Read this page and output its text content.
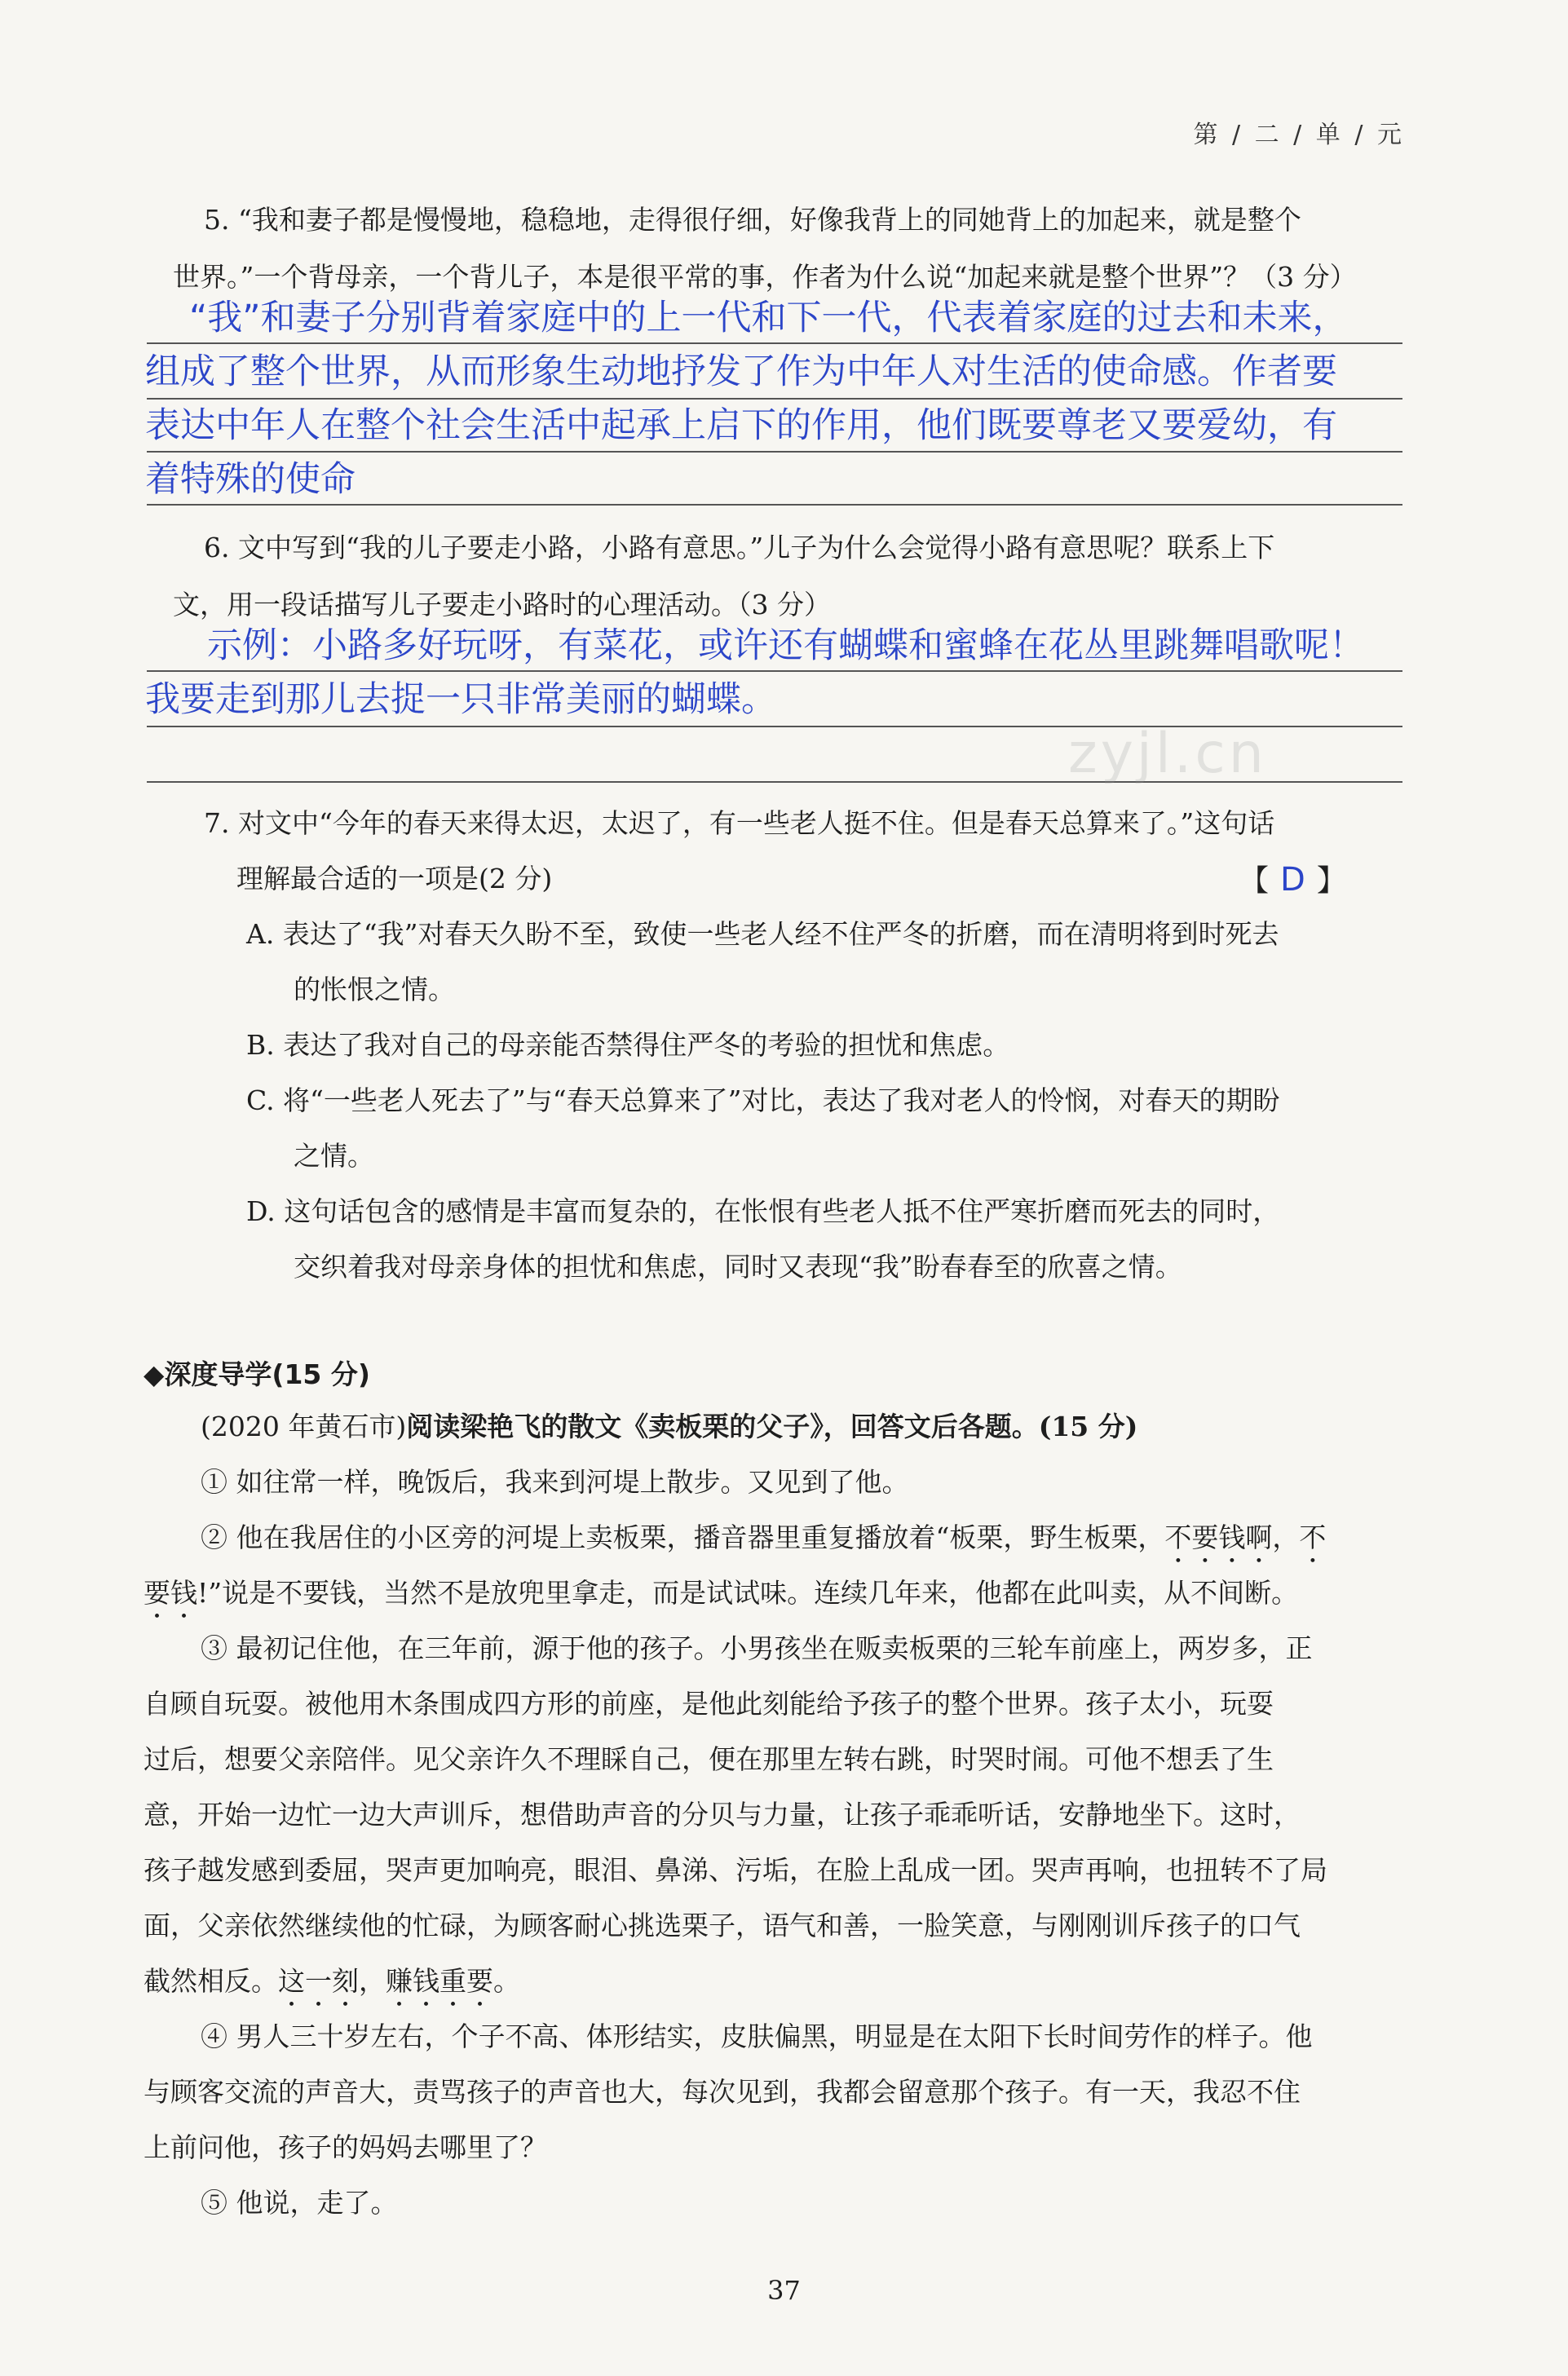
第 / 二 / 单 / 元
5. “我和妻子都是慢慢地，稳稳地，走得很仔细，好像我背上的同她背上的加起来，就是整个
世界。”一个背母亲，一个背儿子，本是很平常的事，作者为什么说“加起来就是整个世界”？（3 分）
“我”和妻子分别背着家庭中的上一代和下一代，代表着家庭的过去和未来，
组成了整个世界，从而形象生动地抒发了作为中年人对生活的使命感。作者要
表达中年人在整个社会生活中起承上启下的作用，他们既要尊老又要爱幼，有
着特殊的使命
6. 文中写到“我的儿子要走小路，小路有意思。”儿子为什么会觉得小路有意思呢？联系上下
文，用一段话描写儿子要走小路时的心理活动。（3 分）
示例：小路多好玩呀，有菜花，或许还有蝴蝶和蜜蜂在花丛里跳舞唱歌呢！
我要走到那儿去捉一只非常美丽的蝴蝶。
zyjl.cn
7. 对文中“今年的春天来得太迟，太迟了，有一些老人挺不住。但是春天总算来了。”这句话
理解最合适的一项是(2 分)	【 D 】
A. 表达了“我”对春天久盼不至，致使一些老人经不住严冬的折磨，而在清明将到时死去
的怅恨之情。
B. 表达了我对自己的母亲能否禁得住严冬的考验的担忧和焦虑。
C. 将“一些老人死去了”与“春天总算来了”对比，表达了我对老人的怜悯，对春天的期盼
之情。
D. 这句话包含的感情是丰富而复杂的，在怅恨有些老人抵不住严寒折磨而死去的同时，
交织着我对母亲身体的担忧和焦虑，同时又表现“我”盼春春至的欣喜之情。
◆深度导学(15 分)
(2020 年黄石市)阅读梁艳飞的散文《卖板栗的父子》，回答文后各题。(15 分)
① 如往常一样，晚饭后，我来到河堤上散步。又见到了他。
② 他在我居住的小区旁的河堤上卖板栗，播音器里重复播放着“板栗，野生板栗，不要钱啊，不
要钱!”说是不要钱，当然不是放兜里拿走，而是试试味。连续几年来，他都在此叫卖，从不间断。
③ 最初记住他，在三年前，源于他的孩子。小男孩坐在贩卖板栗的三轮车前座上，两岁多，正
自顾自玩耍。被他用木条围成四方形的前座，是他此刻能给予孩子的整个世界。孩子太小，玩耍
过后，想要父亲陪伴。见父亲许久不理睬自己，便在那里左转右跳，时哭时闹。可他不想丢了生
意，开始一边忙一边大声训斥，想借助声音的分贝与力量，让孩子乖乖听话，安静地坐下。这时，
孩子越发感到委屈，哭声更加响亮，眼泪、鼻涕、污垢，在脸上乱成一团。哭声再响，也扭转不了局
面，父亲依然继续他的忙碌，为顾客耐心挑选栗子，语气和善，一脸笑意，与刚刚训斥孩子的口气
截然相反。这一刻，赚钱重要。
④ 男人三十岁左右，个子不高、体形结实，皮肤偏黑，明显是在太阳下长时间劳作的样子。他
与顾客交流的声音大，责骂孩子的声音也大，每次见到，我都会留意那个孩子。有一天，我忍不住
上前问他，孩子的妈妈去哪里了？
⑤ 他说，走了。
37
